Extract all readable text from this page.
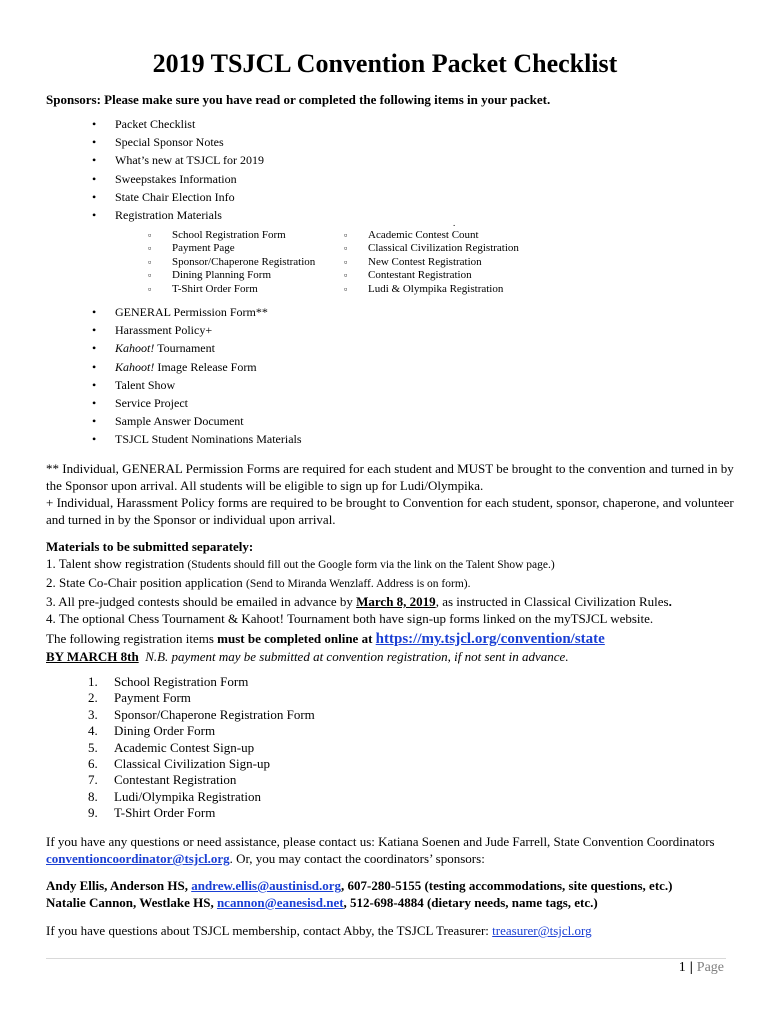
2019 TSJCL Convention Packet Checklist

Sponsors: Please make sure you have read or completed the following items in your packet.

• Packet Checklist
• Special Sponsor Notes
• What’s new at TSJCL for 2019
• Sweepstakes Information
• State Chair Election Info
• Registration Materials
.
▫ School Registration Form
▫ Payment Page
▫ Sponsor/Chaperone Registration
▫ Dining Planning Form
▫ T-Shirt Order Form
▫ Academic Contest Count
▫ Classical Civilization Registration
▫ New Contest Registration
▫ Contestant Registration
▫ Ludi & Olympika Registration
• GENERAL Permission Form**
• Harassment Policy+
• Kahoot! Tournament
• Kahoot! Image Release Form
• Talent Show
• Service Project
• Sample Answer Document
• TSJCL Student Nominations Materials

** Individual, GENERAL Permission Forms are required for each student and MUST be brought to the convention and turned in by the Sponsor upon arrival. All students will be eligible to sign up for Ludi/Olympika.

+ Individual, Harassment Policy forms are required to be brought to Convention for each student, sponsor, chaperone, and volunteer and turned in by the Sponsor or individual upon arrival.

Materials to be submitted separately:
1. Talent show registration (Students should fill out the Google form via the link on the Talent Show page.)
2. State Co-Chair position application (Send to Miranda Wenzlaff. Address is on form).
3. All pre-judged contests should be emailed in advance by March 8, 2019, as instructed in Classical Civilization Rules.
4. The optional Chess Tournament & Kahoot! Tournament both have sign-up forms linked on the myTSJCL website.
The following registration items must be completed online at https://my.tsjcl.org/convention/state
BY MARCH 8th N.B. payment may be submitted at convention registration, if not sent in advance.
1. School Registration Form
2. Payment Form
3. Sponsor/Chaperone Registration Form
4. Dining Order Form
5. Academic Contest Sign-up
6. Classical Civilization Sign-up
7. Contestant Registration
8. Ludi/Olympika Registration
9. T-Shirt Order Form

If you have any questions or need assistance, please contact us: Katiana Soenen and Jude Farrell, State Convention Coordinators conventioncoordinator@tsjcl.org. Or, you may contact the coordinators’ sponsors:

Andy Ellis, Anderson HS, andrew.ellis@austinisd.org, 607-280-5155 (testing accommodations, site questions, etc.)
Natalie Cannon, Westlake HS, ncannon@eanesisd.net, 512-698-4884 (dietary needs, name tags, etc.)

If you have questions about TSJCL membership, contact Abby, the TSJCL Treasurer: treasurer@tsjcl.org

1 | Page
